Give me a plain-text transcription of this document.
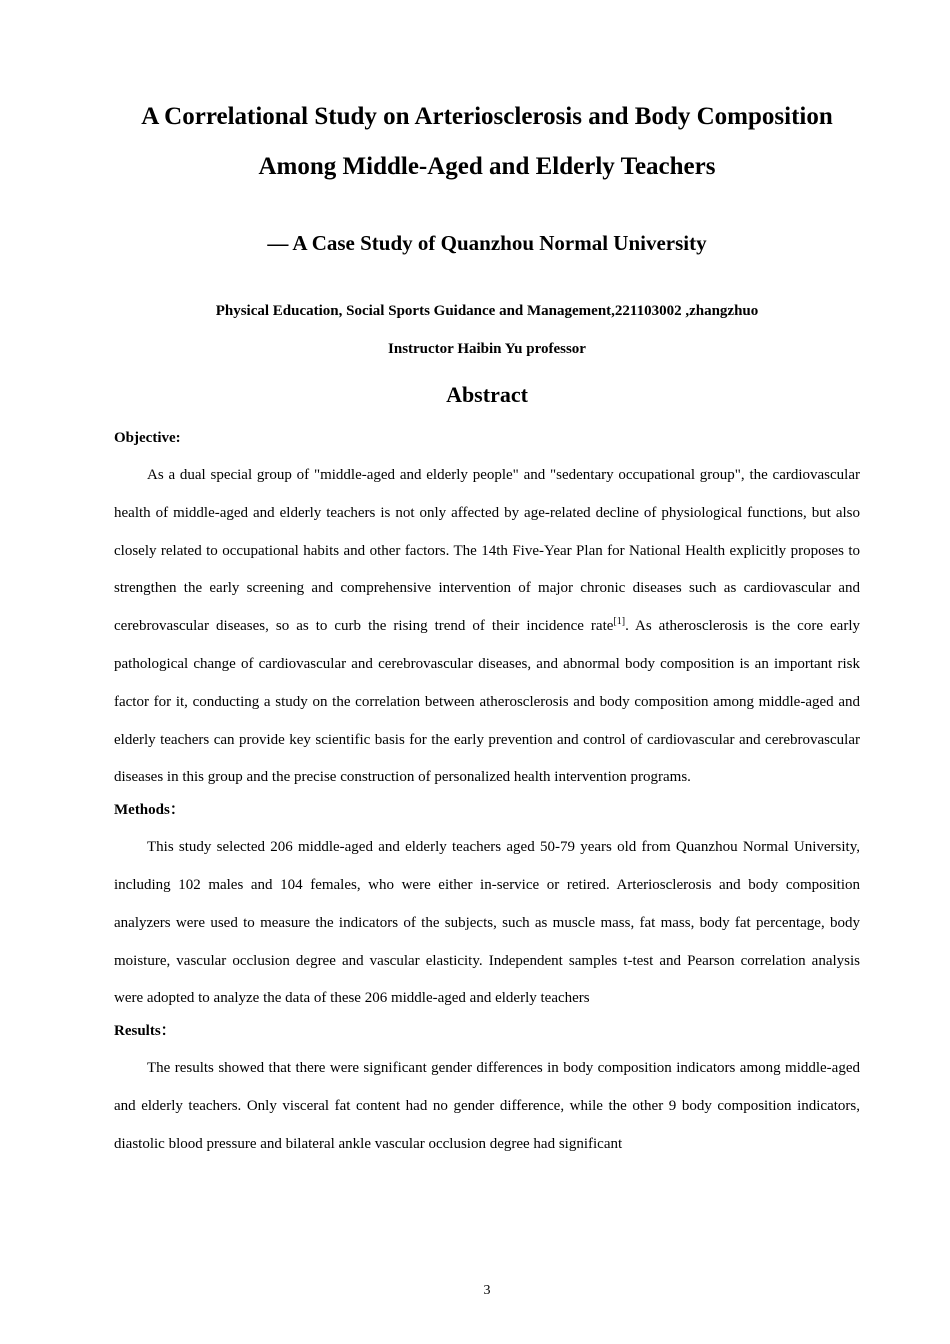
A Correlational Study on Arteriosclerosis and Body Composition
Among Middle-Aged and Elderly Teachers
— A Case Study of Quanzhou Normal University

Physical Education, Social Sports Guidance and Management,221103002 ,zhangzhuo

Instructor Haibin Yu professor

Abstract

Objective:

As a dual special group of "middle-aged and elderly people" and "sedentary occupational group", the cardiovascular health of middle-aged and elderly teachers is not only affected by age-related decline of physiological functions, but also closely related to occupational habits and other factors. The 14th Five-Year Plan for National Health explicitly proposes to strengthen the early screening and comprehensive intervention of major chronic diseases such as cardiovascular and cerebrovascular diseases, so as to curb the rising trend of their incidence rate[1]. As atherosclerosis is the core early pathological change of cardiovascular and cerebrovascular diseases, and abnormal body composition is an important risk factor for it, conducting a study on the correlation between atherosclerosis and body composition among middle-aged and elderly teachers can provide key scientific basis for the early prevention and control of cardiovascular and cerebrovascular diseases in this group and the precise construction of personalized health intervention programs.

Methods：

This study selected 206 middle-aged and elderly teachers aged 50-79 years old from Quanzhou Normal University, including 102 males and 104 females, who were either in-service or retired. Arteriosclerosis and body composition analyzers were used to measure the indicators of the subjects, such as muscle mass, fat mass, body fat percentage, body moisture, vascular occlusion degree and vascular elasticity. Independent samples t-test and Pearson correlation analysis were adopted to analyze the data of these 206 middle-aged and elderly teachers

Results：

The results showed that there were significant gender differences in body composition indicators among middle-aged and elderly teachers. Only visceral fat content had no gender difference, while the other 9 body composition indicators, diastolic blood pressure and bilateral ankle vascular occlusion degree had significant

3
